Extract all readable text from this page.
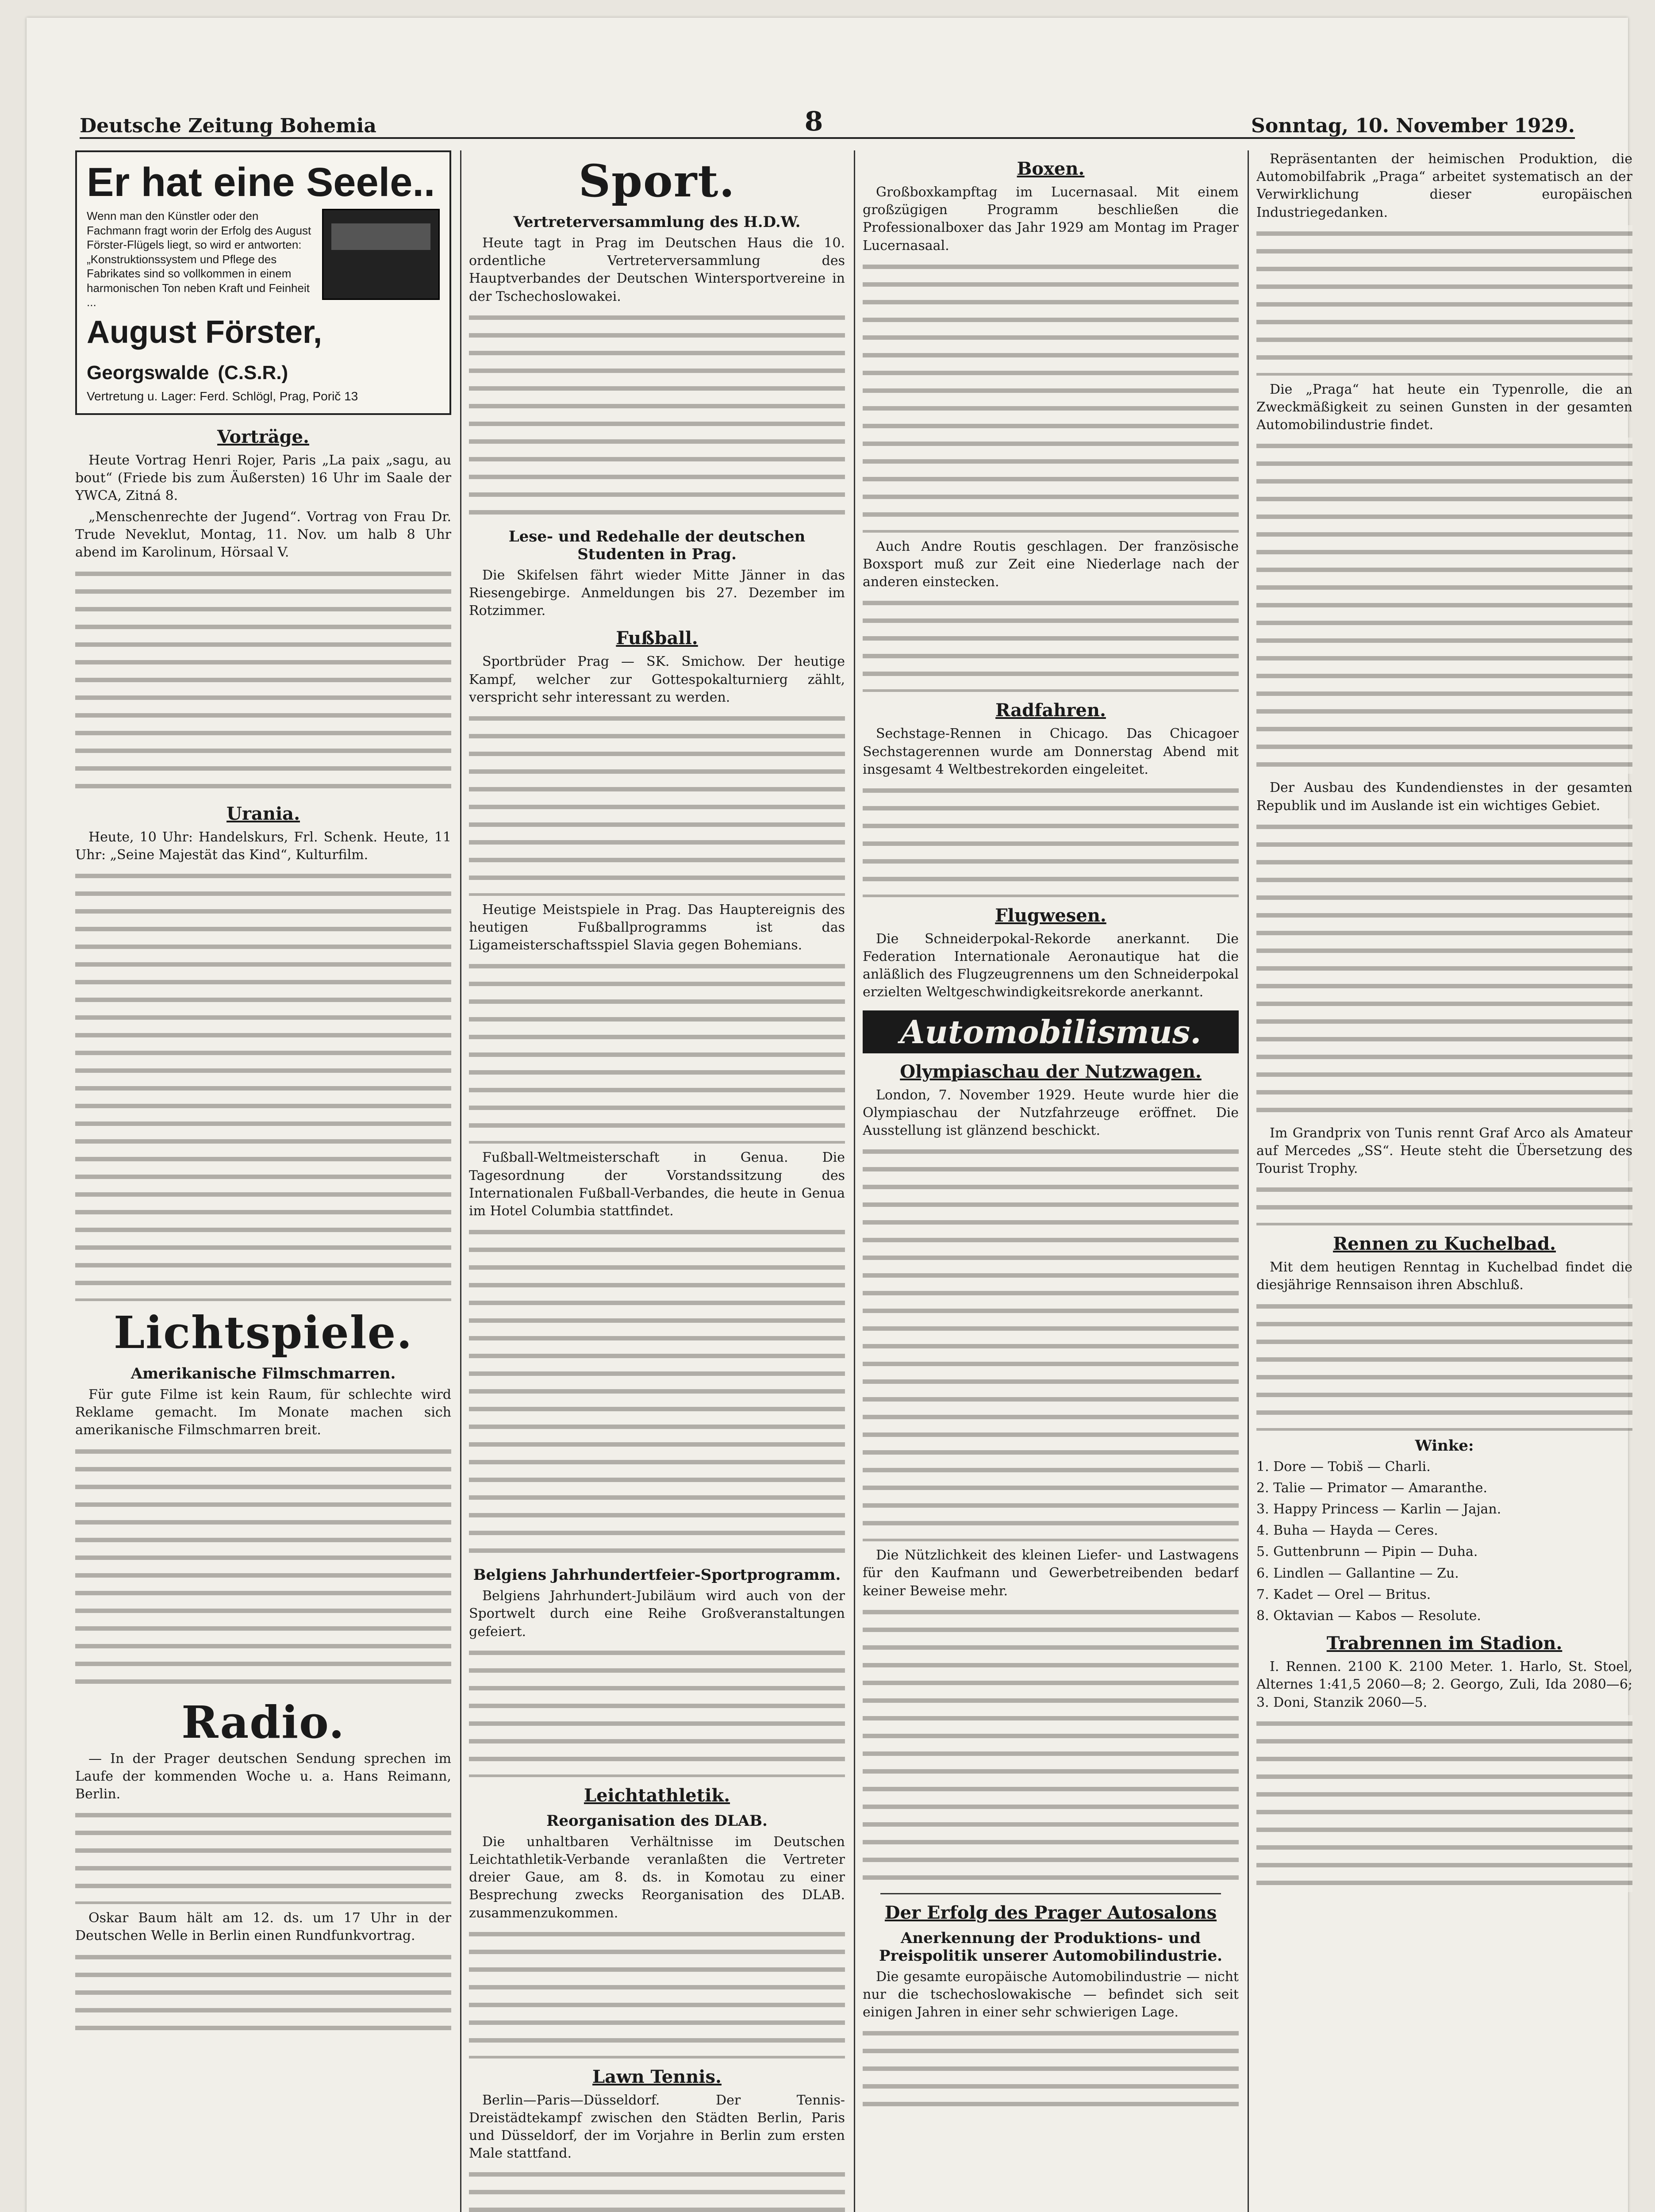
Deutsche Zeitung Bohemia	8	Sonntag, 10. November 1929.
Er hat eine Seele..
Wenn man den Künstler oder den Fachmann fragt worin der Erfolg des August Förster-Flügels liegt, so wird er antworten: „Konstruktionssystem und Pflege des Fabrikates sind so vollkommen in einem harmonischen Ton neben Kraft und Feinheit ...
August Förster, Georgswalde (C.S.R.)
Vertretung u. Lager: Ferd. Schlögl, Prag, Porič 13
Vorträge.

Heute Vortrag Henri Rojer, Paris „La paix „sagu, au bout“ (Friede bis zum Äußersten) 16 Uhr im Saale der YWCA, Zitná 8.

„Menschenrechte der Jugend“. Vortrag von Frau Dr. Trude Neveklut, Montag, 11. Nov. um halb 8 Uhr abend im Karolinum, Hörsaal V.

Urania.

Heute, 10 Uhr: Handelskurs, Frl. Schenk. Heute, 11 Uhr: „Seine Majestät das Kind“, Kulturfilm.

Lichtspiele.
Amerikanische Filmschmarren.

Für gute Filme ist kein Raum, für schlechte wird Reklame gemacht. Im Monate machen sich amerikanische Filmschmarren breit.

Radio.

— In der Prager deutschen Sendung sprechen im Laufe der kommenden Woche u. a. Hans Reimann, Berlin.

Oskar Baum hält am 12. ds. um 17 Uhr in der Deutschen Welle in Berlin einen Rundfunkvortrag.

Sport.
Vertreterversammlung des H.D.W.

Heute tagt in Prag im Deutschen Haus die 10. ordentliche Vertreterversammlung des Hauptverbandes der Deutschen Wintersportvereine in der Tschechoslowakei.

Lese- und Redehalle der deutschen Studenten in Prag.

Die Skifelsen fährt wieder Mitte Jänner in das Riesengebirge. Anmeldungen bis 27. Dezember im Rotzimmer.

Fußball.

Sportbrüder Prag — SK. Smichow. Der heutige Kampf, welcher zur Gottespokalturnierg zählt, verspricht sehr interessant zu werden.

Heutige Meistspiele in Prag. Das Hauptereignis des heutigen Fußballprogramms ist das Ligameisterschaftsspiel Slavia gegen Bohemians.

Fußball-Weltmeisterschaft in Genua. Die Tagesordnung der Vorstandssitzung des Internationalen Fußball-Verbandes, die heute in Genua im Hotel Columbia stattfindet.

Belgiens Jahrhundertfeier-Sportprogramm.

Belgiens Jahrhundert-Jubiläum wird auch von der Sportwelt durch eine Reihe Großveranstaltungen gefeiert.

Leichtathletik.
Reorganisation des DLAB.

Die unhaltbaren Verhältnisse im Deutschen Leichtathletik-Verbande veranlaßten die Vertreter dreier Gaue, am 8. ds. in Komotau zu einer Besprechung zwecks Reorganisation des DLAB. zusammenzukommen.

Lawn Tennis.

Berlin—Paris—Düsseldorf. Der Tennis-Dreistädtekampf zwischen den Städten Berlin, Paris und Düsseldorf, der im Vorjahre in Berlin zum ersten Male stattfand.

Boxen.

Großboxkampftag im Lucernasaal. Mit einem großzügigen Programm beschließen die Professionalboxer das Jahr 1929 am Montag im Prager Lucernasaal.

Auch Andre Routis geschlagen. Der französische Boxsport muß zur Zeit eine Niederlage nach der anderen einstecken.

Radfahren.

Sechstage-Rennen in Chicago. Das Chicagoer Sechstagerennen wurde am Donnerstag Abend mit insgesamt 4 Weltbestrekorden eingeleitet.

Flugwesen.

Die Schneiderpokal-Rekorde anerkannt. Die Federation Internationale Aeronautique hat die anläßlich des Flugzeugrennens um den Schneiderpokal erzielten Weltgeschwindigkeitsrekorde anerkannt.

Automobilismus.
Olympiaschau der Nutzwagen.

London, 7. November 1929. Heute wurde hier die Olympiaschau der Nutzfahrzeuge eröffnet. Die Ausstellung ist glänzend beschickt.

Die Nützlichkeit des kleinen Liefer- und Lastwagens für den Kaufmann und Gewerbetreibenden bedarf keiner Beweise mehr.

Der Erfolg des Prager Autosalons
Anerkennung der Produktions- und Preispolitik unserer Automobilindustrie.

Die gesamte europäische Automobilindustrie — nicht nur die tschechoslowakische — befindet sich seit einigen Jahren in einer sehr schwierigen Lage.

Repräsentanten der heimischen Produktion, die Automobilfabrik „Praga“ arbeitet systematisch an der Verwirklichung dieser europäischen Industriegedanken.

Die „Praga“ hat heute ein Typenrolle, die an Zweckmäßigkeit zu seinen Gunsten in der gesamten Automobilindustrie findet.

Der Ausbau des Kundendienstes in der gesamten Republik und im Auslande ist ein wichtiges Gebiet.

Im Grandprix von Tunis rennt Graf Arco als Amateur auf Mercedes „SS“. Heute steht die Übersetzung des Tourist Trophy.

Rennen zu Kuchelbad.

Mit dem heutigen Renntag in Kuchelbad findet die diesjährige Rennsaison ihren Abschluß.

Winke:

1. Dore — Tobiš — Charli.

2. Talie — Primator — Amaranthe.

3. Happy Princess — Karlin — Jajan.

4. Buha — Hayda — Ceres.

5. Guttenbrunn — Pipin — Duha.

6. Lindlen — Gallantine — Zu.

7. Kadet — Orel — Britus.

8. Oktavian — Kabos — Resolute.

Trabrennen im Stadion.

I. Rennen. 2100 K. 2100 Meter. 1. Harlo, St. Stoel, Alternes 1:41,5 2060—8; 2. Georgo, Zuli, Ida 2080—6; 3. Doni, Stanzik 2060—5.
